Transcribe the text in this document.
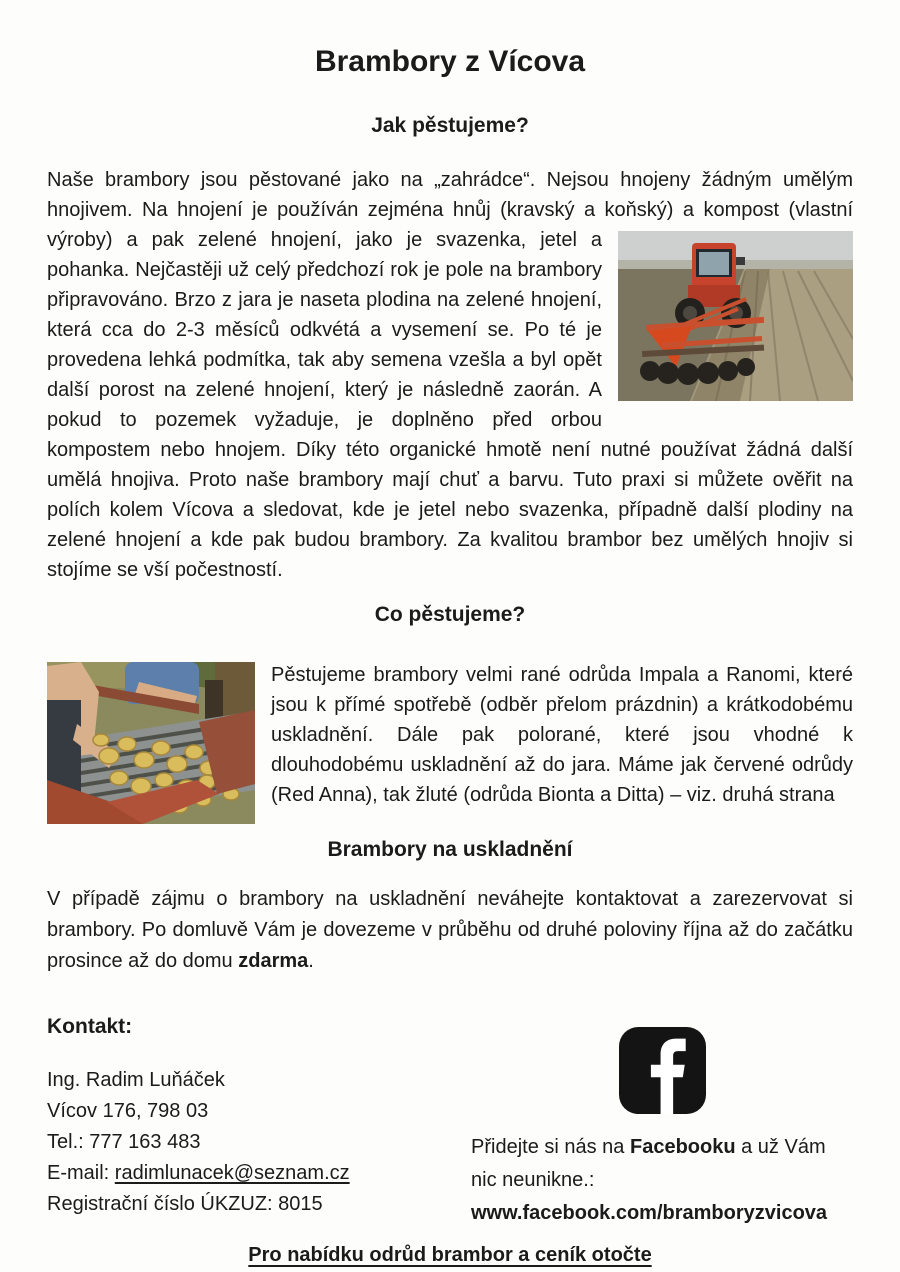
Brambory z Vícova
Jak pěstujeme?

Naše brambory jsou pěstované jako na „zahrádce“. Nejsou hnojeny žádným umělým hnojivem. Na hnojení je používán zejména hnůj (kravský a koňský) a kompost (vlastní

výroby) a pak zelené hnojení, jako je svazenka, jetel a pohanka. Nejčastěji už celý předchozí rok je pole na brambory připravováno. Brzo z jara je naseta plodina na zelené hnojení, která cca do 2-3 měsíců odkvétá a vysemení se. Po té je provedena lehká podmítka, tak aby semena vzešla a byl opět další porost na zelené hnojení, který je následně zaorán. A pokud to pozemek vyžaduje, je doplněno před orbou kompostem nebo hnojem. Díky této organické hmotě není nutné používat žádná další umělá hnojiva. Proto naše brambory mají chuť a barvu. Tuto praxi si můžete ověřit na polích kolem Vícova a sledovat, kde je jetel nebo svazenka, případně další plodiny na zelené hnojení a kde pak budou brambory. Za kvalitou brambor bez umělých hnojiv si stojíme se vší počestností.
Co pěstujeme?
Pěstujeme brambory velmi rané odrůda Impala a Ranomi, které jsou k přímé spotřebě (odběr přelom prázdnin) a krátkodobému uskladnění. Dále pak polorané, které jsou vhodné k dlouhodobému uskladnění až do jara. Máme jak červené odrůdy (Red Anna), tak žluté (odrůda Bionta a Ditta) – viz. druhá strana
Brambory na uskladnění

V případě zájmu o brambory na uskladnění neváhejte kontaktovat a zarezervovat si brambory. Po domluvě Vám je dovezeme v průběhu od druhé poloviny října až do začátku prosince až do domu zdarma.

Kontakt:
Ing. Radim Luňáček
Vícov 176, 798 03
Tel.: 777 163 483
E-mail: radimlunacek@seznam.cz
Registrační číslo ÚKZUZ: 8015
Přidejte si nás na Facebooku a už Vám nic neunikne.:
www.facebook.com/bramboryzvicova
Pro nabídku odrůd brambor a ceník otočte
